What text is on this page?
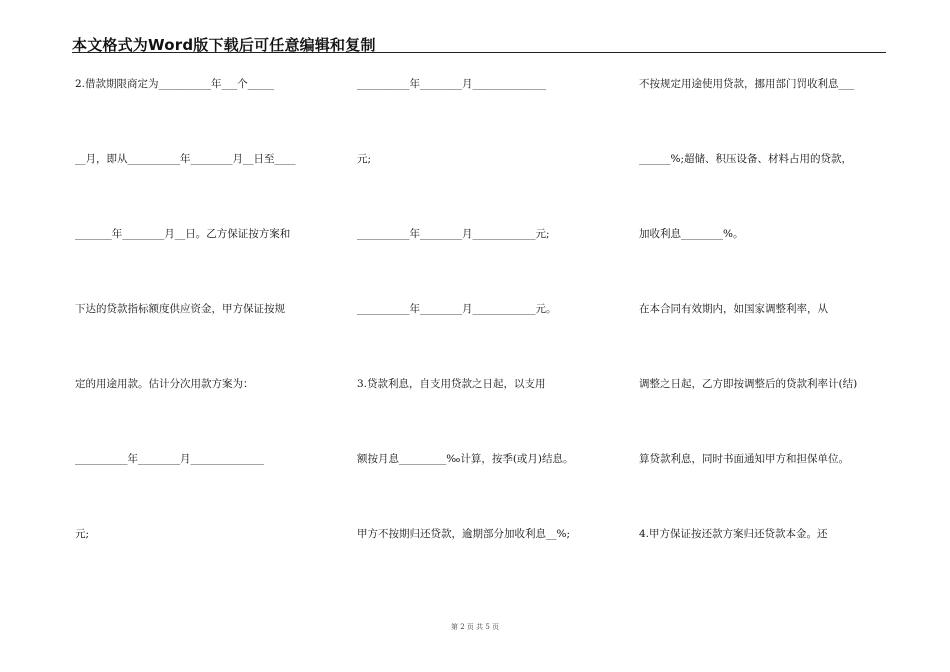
本文格式为Word版下载后可任意编辑和复制
2.借款期限商定为__________年___个_____
__月，即从__________年________月__日至____
_______年________月__日。乙方保证按方案和
下达的贷款指标额度供应资金，甲方保证按规
定的用途用款。估计分次用款方案为：
__________年________月______________
元;
__________年________月______________
元;
__________年________月____________元;
__________年________月____________元。
3.贷款利息，自支用贷款之日起，以支用
额按月息_________‰计算，按季(或月)结息。
甲方不按期归还贷款，逾期部分加收利息__%;
不按规定用途使用贷款，挪用部门罚收利息___
______%;超储、积压设备、材料占用的贷款，
加收利息________%。
在本合同有效期内，如国家调整利率，从
调整之日起，乙方即按调整后的贷款利率计(结)
算贷款利息，同时书面通知甲方和担保单位。
4.甲方保证按还款方案归还贷款本金。还
第 2 页 共 5 页
